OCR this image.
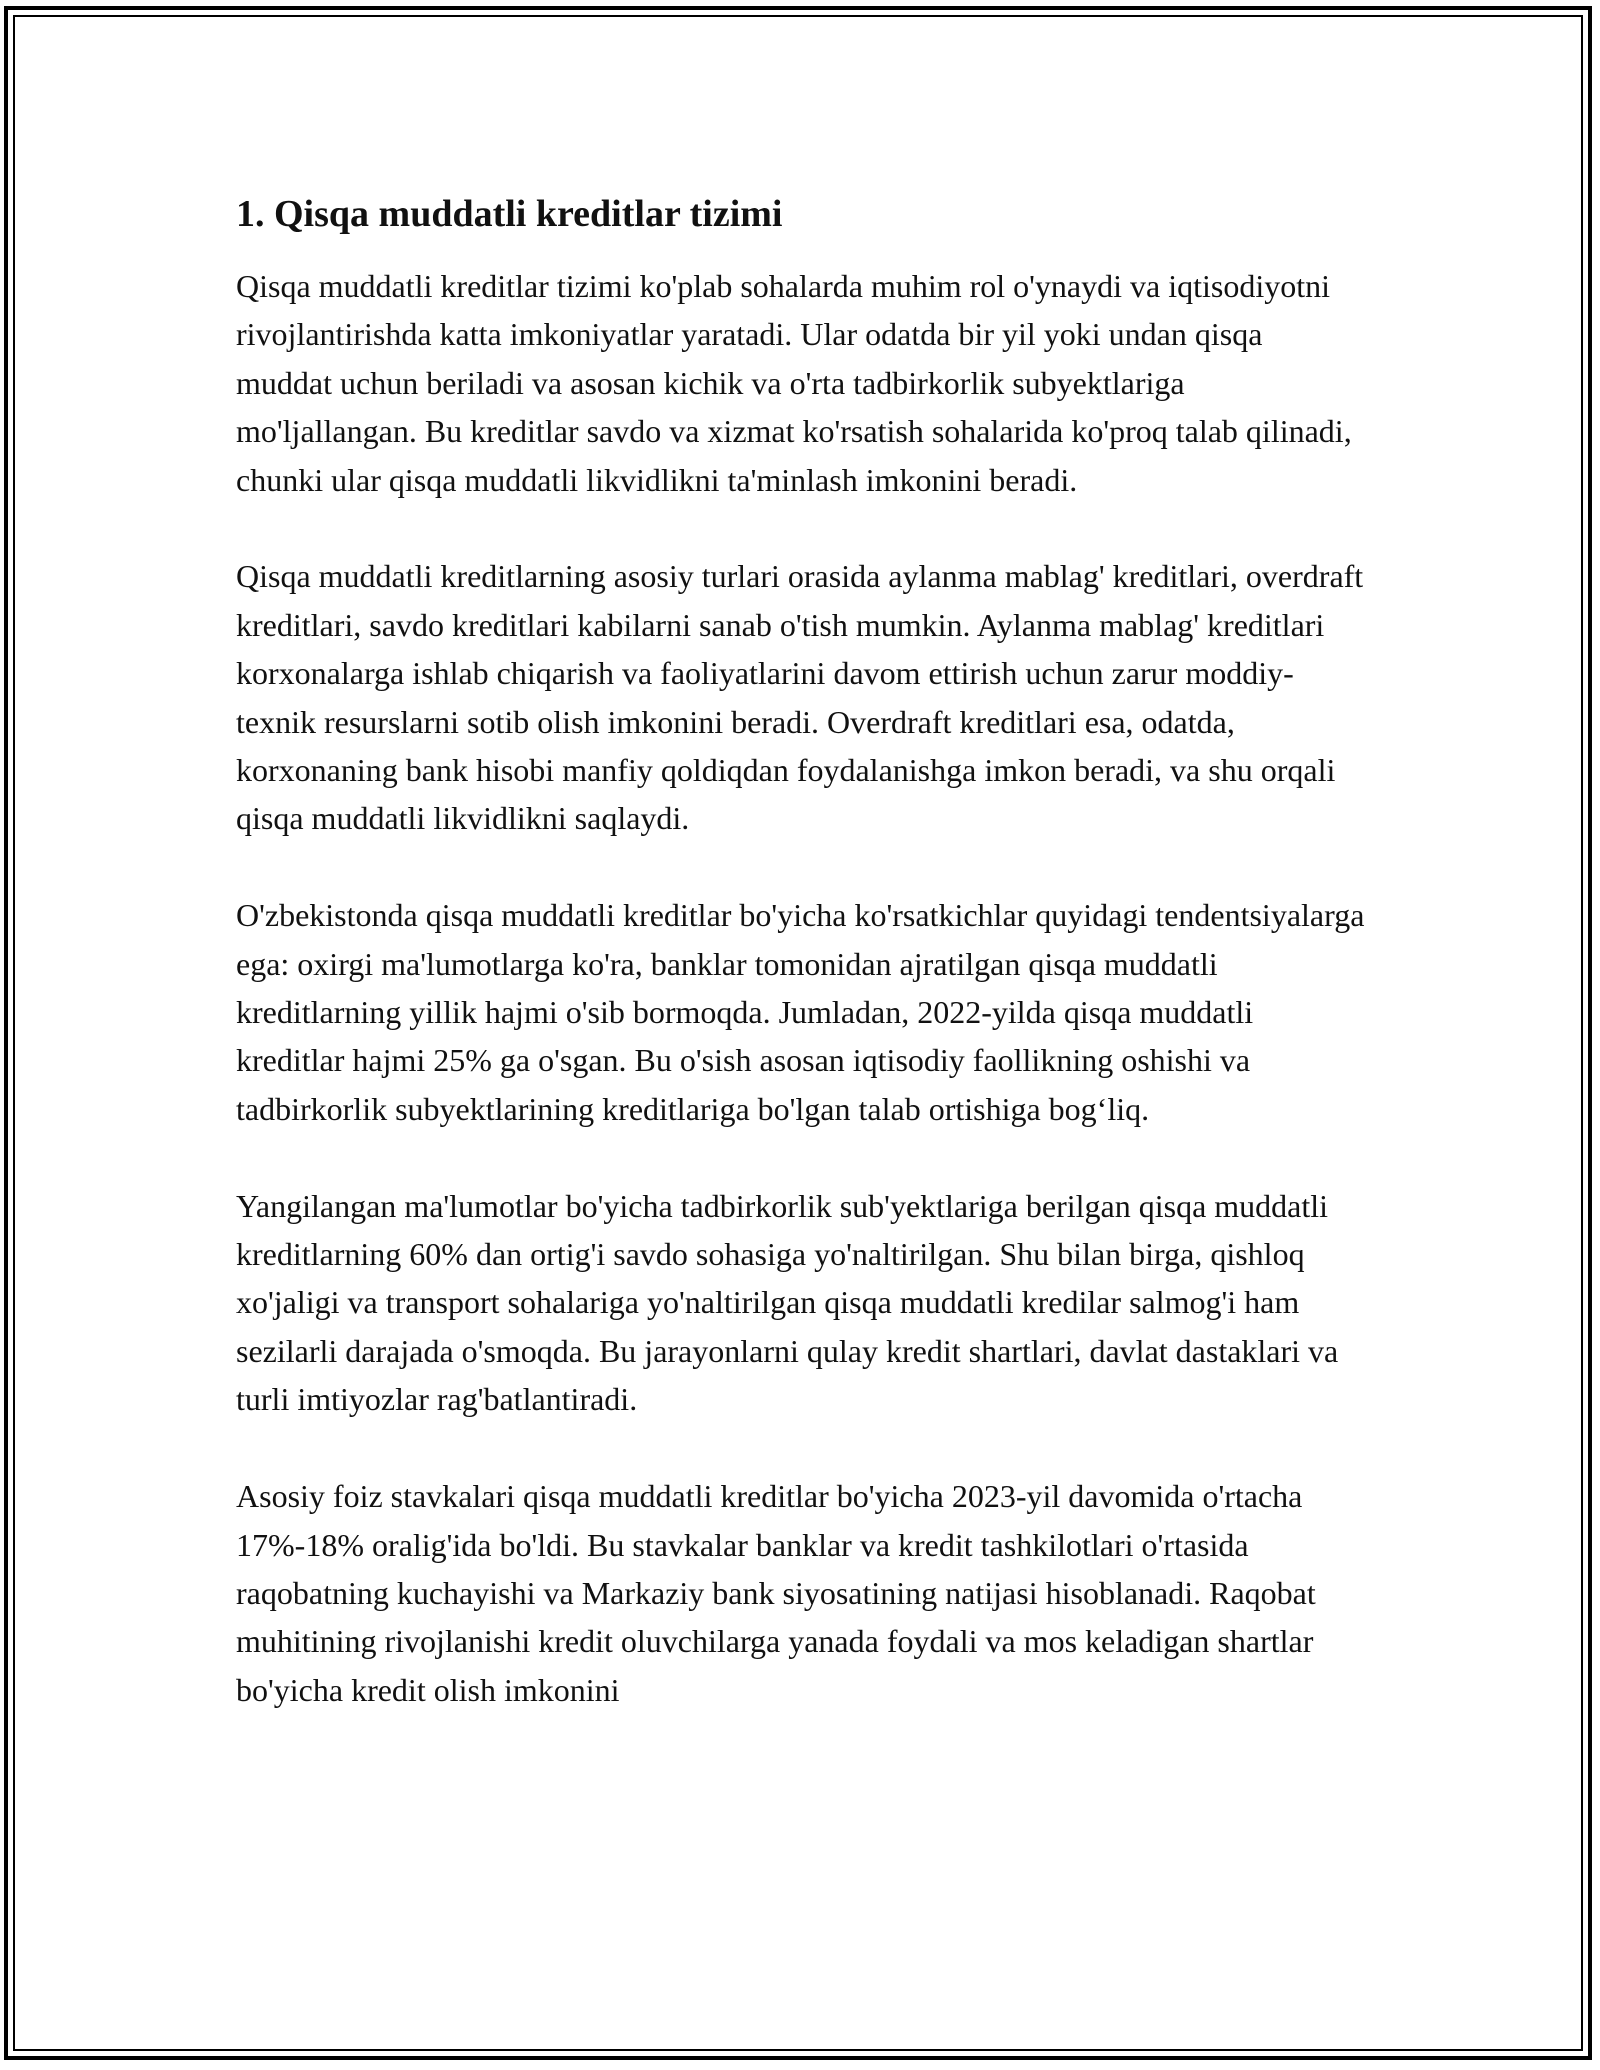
1. Qisqa muddatli kreditlar tizimi

Qisqa muddatli kreditlar tizimi ko'plab sohalarda muhim rol o'ynaydi va iqtisodiyotni rivojlantirishda katta imkoniyatlar yaratadi. Ular odatda bir yil yoki undan qisqa muddat uchun beriladi va asosan kichik va o'rta tadbirkorlik subyektlariga mo'ljallangan. Bu kreditlar savdo va xizmat ko'rsatish sohalarida ko'proq talab qilinadi, chunki ular qisqa muddatli likvidlikni ta'minlash imkonini beradi.

Qisqa muddatli kreditlarning asosiy turlari orasida aylanma mablag' kreditlari, overdraft kreditlari, savdo kreditlari kabilarni sanab o'tish mumkin. Aylanma mablag' kreditlari korxonalarga ishlab chiqarish va faoliyatlarini davom ettirish uchun zarur moddiy-texnik resurslarni sotib olish imkonini beradi. Overdraft kreditlari esa, odatda, korxonaning bank hisobi manfiy qoldiqdan foydalanishga imkon beradi, va shu orqali qisqa muddatli likvidlikni saqlaydi.

O'zbekistonda qisqa muddatli kreditlar bo'yicha ko'rsatkichlar quyidagi tendentsiyalarga ega: oxirgi ma'lumotlarga ko'ra, banklar tomonidan ajratilgan qisqa muddatli kreditlarning yillik hajmi o'sib bormoqda. Jumladan, 2022-yilda qisqa muddatli kreditlar hajmi 25% ga o'sgan. Bu o'sish asosan iqtisodiy faollikning oshishi va tadbirkorlik subyektlarining kreditlariga bo'lgan talab ortishiga bog‘liq.

Yangilangan ma'lumotlar bo'yicha tadbirkorlik sub'yektlariga berilgan qisqa muddatli kreditlarning 60% dan ortig'i savdo sohasiga yo'naltirilgan. Shu bilan birga, qishloq xo'jaligi va transport sohalariga yo'naltirilgan qisqa muddatli kredilar salmog'i ham sezilarli darajada o'smoqda. Bu jarayonlarni qulay kredit shartlari, davlat dastaklari va turli imtiyozlar rag'batlantiradi.

Asosiy foiz stavkalari qisqa muddatli kreditlar bo'yicha 2023-yil davomida o'rtacha 17%-18% oralig'ida bo'ldi. Bu stavkalar banklar va kredit tashkilotlari o'rtasida raqobatning kuchayishi va Markaziy bank siyosatining natijasi hisoblanadi. Raqobat muhitining rivojlanishi kredit oluvchilarga yanada foydali va mos keladigan shartlar bo'yicha kredit olish imkonini
